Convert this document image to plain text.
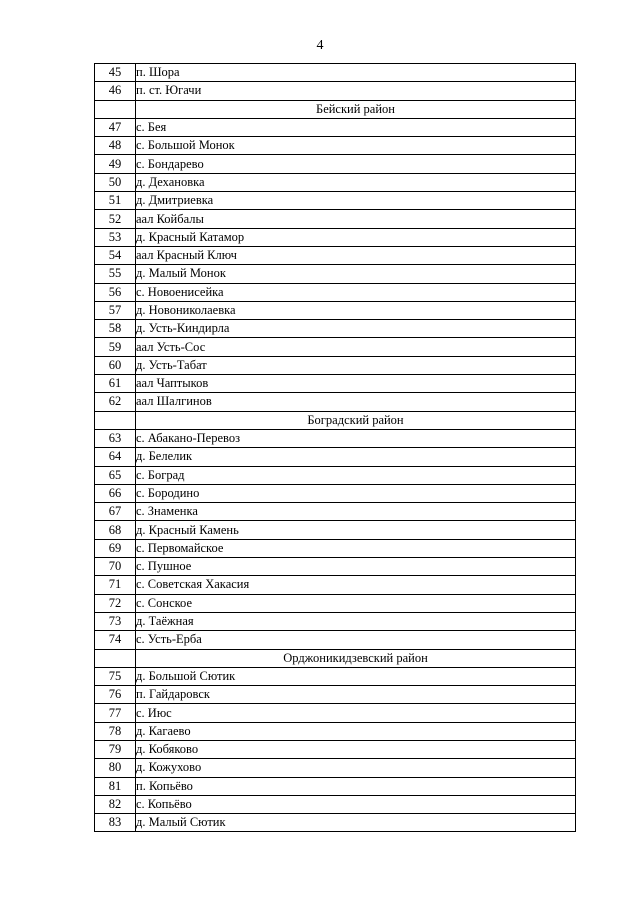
4
45	п. Шора
46	п. ст. Югачи
	Бейский район
47	с. Бея
48	с. Большой Монок
49	с. Бондарево
50	д. Дехановка
51	д. Дмитриевка
52	аал Койбалы
53	д. Красный Катамор
54	аал Красный Ключ
55	д. Малый Монок
56	с. Новоенисейка
57	д. Новониколаевка
58	д. Усть-Киндирла
59	аал Усть-Сос
60	д. Усть-Табат
61	аал Чаптыков
62	аал Шалгинов
	Боградский район
63	с. Абакано-Перевоз
64	д. Белелик
65	с. Боград
66	с. Бородино
67	с. Знаменка
68	д. Красный Камень
69	с. Первомайское
70	с. Пушное
71	с. Советская Хакасия
72	с. Сонское
73	д. Таёжная
74	с. Усть-Ерба
	Орджоникидзевский район
75	д. Большой Сютик
76	п. Гайдаровск
77	с. Июс
78	д. Кагаево
79	д. Кобяково
80	д. Кожухово
81	п. Копьёво
82	с. Копьёво
83	д. Малый Сютик
